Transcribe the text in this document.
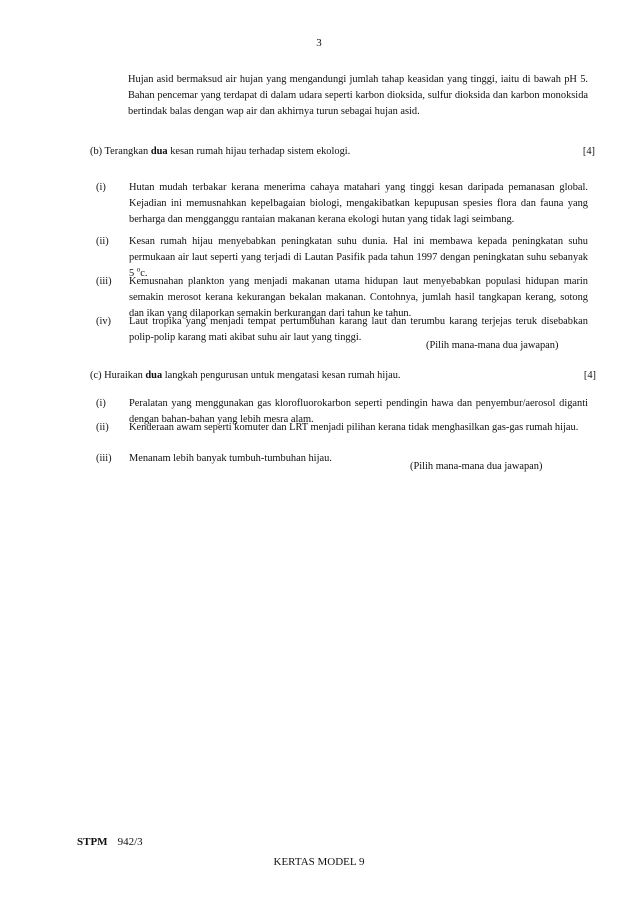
3
Hujan asid bermaksud air hujan yang mengandungi jumlah tahap keasidan yang tinggi, iaitu di bawah pH 5. Bahan pencemar yang terdapat di dalam udara seperti karbon dioksida, sulfur dioksida dan karbon monoksida bertindak balas dengan wap air dan akhirnya turun sebagai hujan asid.
(b) Terangkan dua kesan rumah hijau terhadap sistem ekologi.	[4]
(i)	Hutan mudah terbakar kerana menerima cahaya matahari yang tinggi kesan daripada pemanasan global. Kejadian ini memusnahkan kepelbagaian biologi, mengakibatkan kepupusan spesies flora dan fauna yang berharga dan mengganggu rantaian makanan kerana ekologi hutan yang tidak lagi seimbang.
(ii)	Kesan rumah hijau menyebabkan peningkatan suhu dunia. Hal ini membawa kepada peningkatan suhu permukaan air laut seperti yang terjadi di Lautan Pasifik pada tahun 1997 dengan peningkatan suhu sebanyak 5 $^o$c.
(iii)	Kemusnahan plankton yang menjadi makanan utama hidupan laut menyebabkan populasi hidupan marin semakin merosot kerana kekurangan bekalan makanan. Contohnya, jumlah hasil tangkapan kerang, sotong dan ikan yang dilaporkan semakin berkurangan dari tahun ke tahun.
(iv)	Laut tropika yang menjadi tempat pertumbuhan karang laut dan terumbu karang terjejas teruk disebabkan polip-polip karang mati akibat suhu air laut yang tinggi.
(Pilih mana-mana dua jawapan)
(c) Huraikan dua langkah pengurusan untuk mengatasi kesan rumah hijau.	[4]
(i)	Peralatan yang menggunakan gas klorofluorokarbon seperti pendingin hawa dan penyembur/aerosol diganti dengan bahan-bahan yang lebih mesra alam.
(ii)	Kenderaan awam seperti komuter dan LRT menjadi pilihan kerana tidak menghasilkan gas-gas rumah hijau.
(iii)	Menanam lebih banyak tumbuh-tumbuhan hijau.
(Pilih mana-mana dua jawapan)
STPM 942/3
KERTAS MODEL 9
